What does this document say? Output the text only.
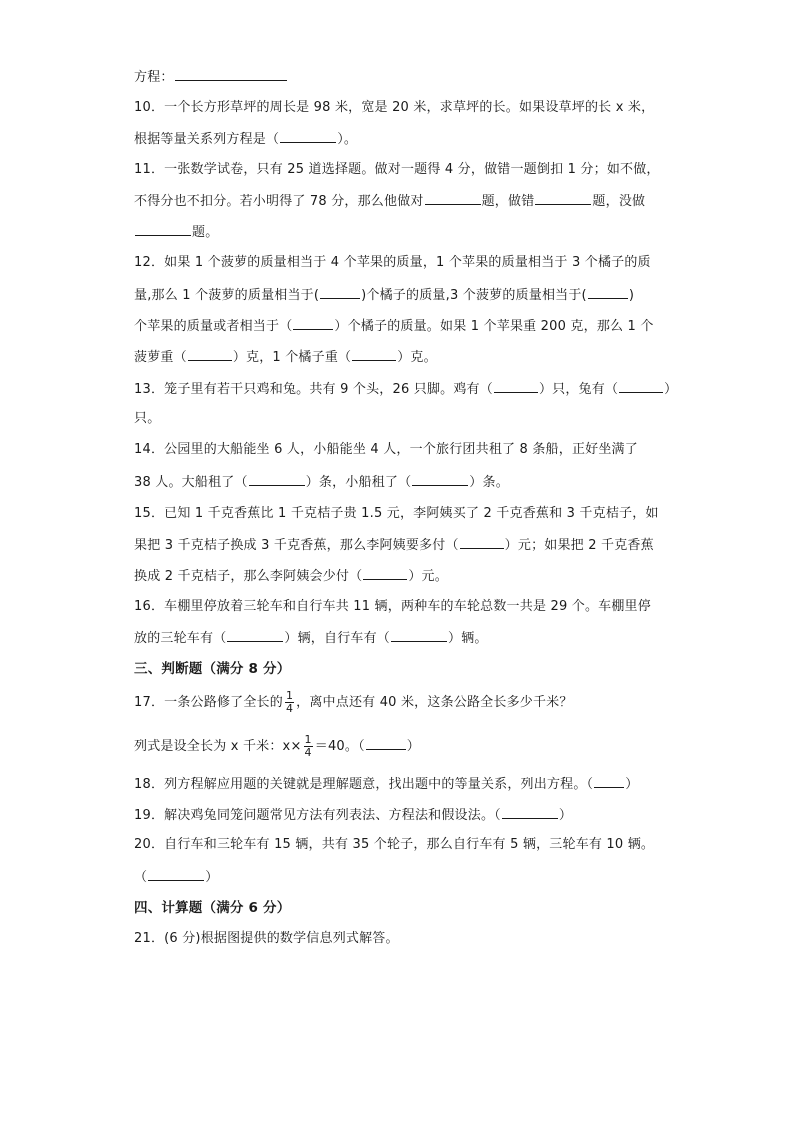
方程：
10．一个长方形草坪的周长是 98 米，宽是 20 米，求草坪的长。如果设草坪的长 x 米，
根据等量关系列方程是（	）。
11．一张数学试卷，只有 25 道选择题。做对一题得 4 分，做错一题倒扣 1 分；如不做，
不得分也不扣分。若小明得了 78 分，那么他做对	题，做错	题，没做
题。
12．如果 1 个菠萝的质量相当于 4 个苹果的质量，1 个苹果的质量相当于 3 个橘子的质
量,那么 1 个菠萝的质量相当于(	)个橘子的质量,3 个菠萝的质量相当于(	)
个苹果的质量或者相当于（	）个橘子的质量。如果 1 个苹果重 200 克，那么 1 个
菠萝重（	）克，1 个橘子重（	）克。
13．笼子里有若干只鸡和兔。共有 9 个头，26 只脚。鸡有（	）只，兔有（	）
只。
14．公园里的大船能坐 6 人，小船能坐 4 人，一个旅行团共租了 8 条船，正好坐满了
38 人。大船租了（	）条，小船租了（	）条。
15．已知 1 千克香蕉比 1 千克桔子贵 1.5 元，李阿姨买了 2 千克香蕉和 3 千克桔子，如
果把 3 千克桔子换成 3 千克香蕉，那么李阿姨要多付（	）元；如果把 2 千克香蕉
换成 2 千克桔子，那么李阿姨会少付（	）元。
16．车棚里停放着三轮车和自行车共 11 辆，两种车的车轮总数一共是 29 个。车棚里停
放的三轮车有（	）辆，自行车有（	）辆。
三、判断题（满分 8 分）
17．一条公路修了全长的 $\frac{1}{4}$ ，离中点还有 40 米，这条公路全长多少千米？
列式是设全长为 x 千米：$x\times \frac{1}{4} =40$。（	）
18．列方程解应用题的关键就是理解题意，找出题中的等量关系，列出方程。（ ）
19．解决鸡兔同笼问题常见方法有列表法、方程法和假设法。（	）
20．自行车和三轮车有 15 辆，共有 35 个轮子，那么自行车有 5 辆，三轮车有 10 辆。
（	）
四、计算题（满分 6 分）
21．(6 分)根据图提供的数学信息列式解答。
